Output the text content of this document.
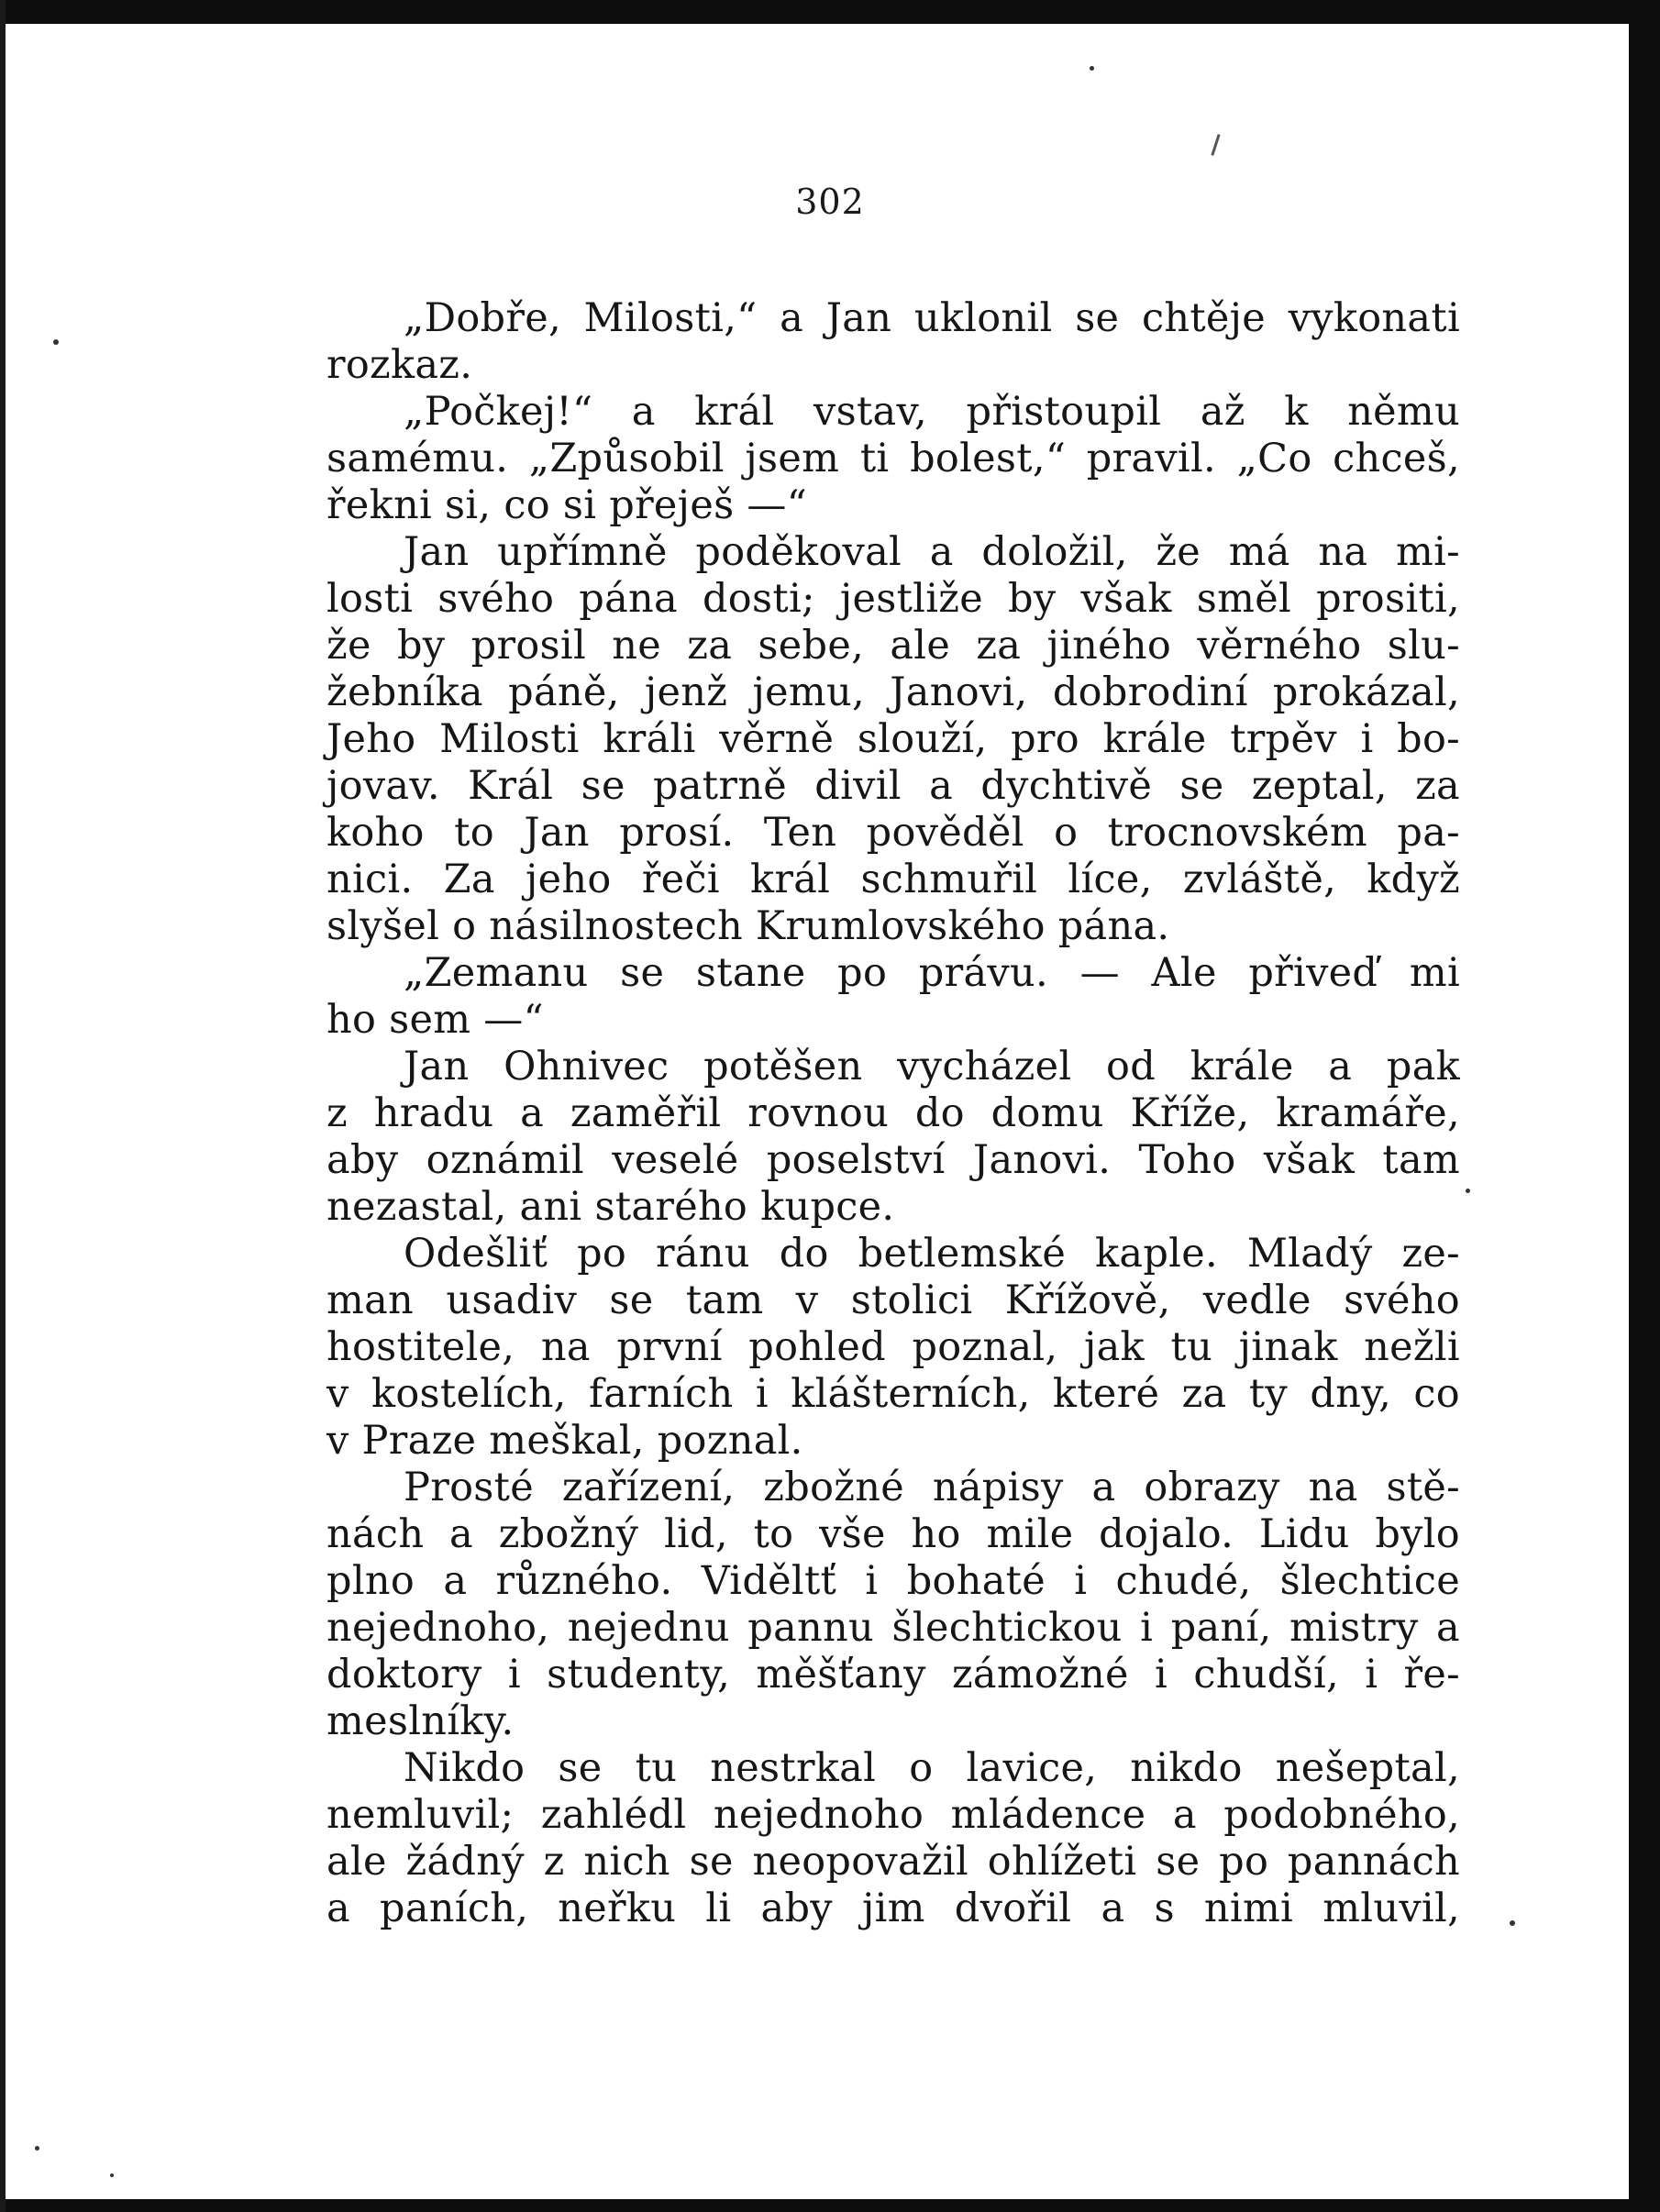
302
„Dobře, Milosti,“ a Jan uklonil se chtěje vykonati
rozkaz.
„Počkej!“ a král vstav, přistoupil až k němu
samému. „Způsobil jsem ti bolest,“ pravil. „Co chceš,
řekni si, co si přeješ —“
Jan upřímně poděkoval a doložil, že má na mi-
losti svého pána dosti; jestliže by však směl prositi,
že by prosil ne za sebe, ale za jiného věrného slu-
žebníka páně, jenž jemu, Janovi, dobrodiní prokázal,
Jeho Milosti králi věrně slouží, pro krále trpěv i bo-
jovav. Král se patrně divil a dychtivě se zeptal, za
koho to Jan prosí. Ten pověděl o trocnovském pa-
nici. Za jeho řeči král schmuřil líce, zvláště, když
slyšel o násilnostech Krumlovského pána.
„Zemanu se stane po právu. — Ale přiveď mi
ho sem —“
Jan Ohnivec potěšen vycházel od krále a pak
z hradu a zaměřil rovnou do domu Kříže, kramáře,
aby oznámil veselé poselství Janovi. Toho však tam
nezastal, ani starého kupce.
Odešliť po ránu do betlemské kaple. Mladý ze-
man usadiv se tam v stolici Křížově, vedle svého
hostitele, na první pohled poznal, jak tu jinak nežli
v kostelích, farních i klášterních, které za ty dny, co
v Praze meškal, poznal.
Prosté zařízení, zbožné nápisy a obrazy na stě-
nách a zbožný lid, to vše ho mile dojalo. Lidu bylo
plno a různého. Viděltť i bohaté i chudé, šlechtice
nejednoho, nejednu pannu šlechtickou i paní, mistry a
doktory i studenty, měšťany zámožné i chudší, i ře-
meslníky.
Nikdo se tu nestrkal o lavice, nikdo nešeptal,
nemluvil; zahlédl nejednoho mládence a podobného,
ale žádný z nich se neopovažil ohlížeti se po pannách
a paních, neřku li aby jim dvořil a s nimi mluvil,
